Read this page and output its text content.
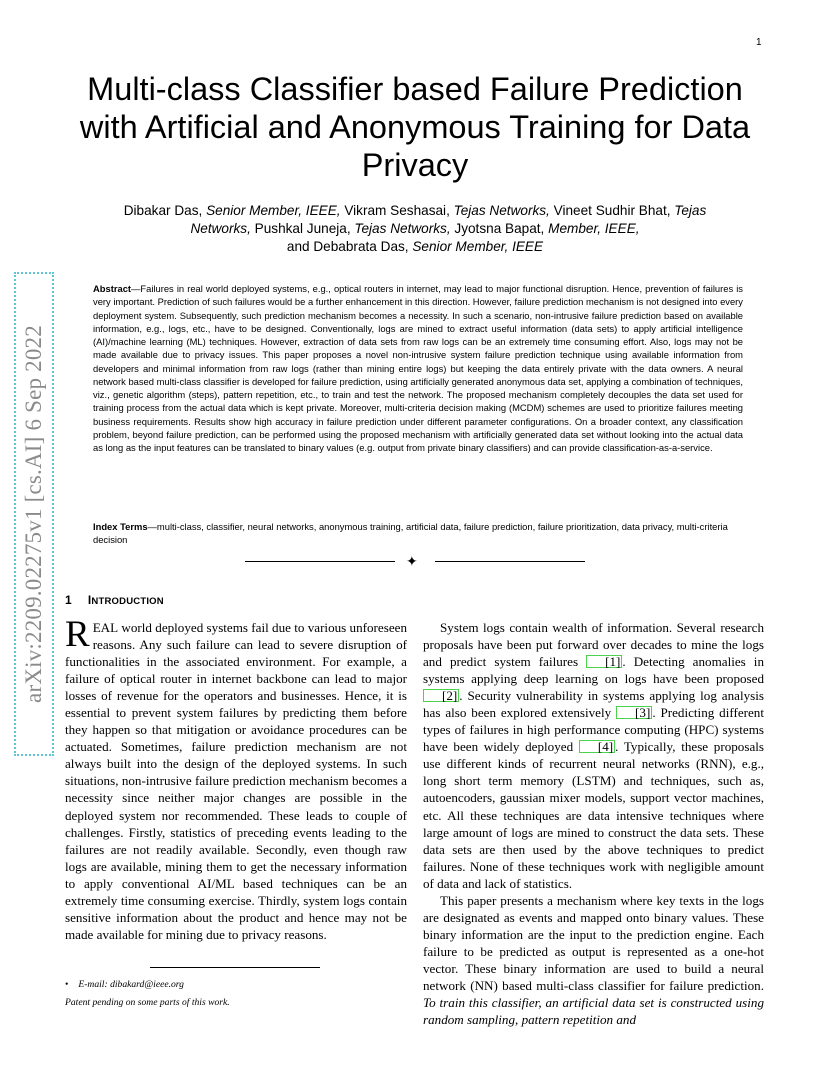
1
arXiv:2209.02275v1 [cs.AI] 6 Sep 2022
Multi-class Classifier based Failure Prediction with Artificial and Anonymous Training for Data Privacy
Dibakar Das, Senior Member, IEEE, Vikram Seshasai, Tejas Networks, Vineet Sudhir Bhat, Tejas Networks, Pushkal Juneja, Tejas Networks, Jyotsna Bapat, Member, IEEE,
and Debabrata Das, Senior Member, IEEE
Abstract—Failures in real world deployed systems, e.g., optical routers in internet, may lead to major functional disruption. Hence, prevention of failures is very important. Prediction of such failures would be a further enhancement in this direction. However, failure prediction mechanism is not designed into every deployment system. Subsequently, such prediction mechanism becomes a necessity. In such a scenario, non-intrusive failure prediction based on available information, e.g., logs, etc., have to be designed. Conventionally, logs are mined to extract useful information (data sets) to apply artificial intelligence (AI)/machine learning (ML) techniques. However, extraction of data sets from raw logs can be an extremely time consuming effort. Also, logs may not be made available due to privacy issues. This paper proposes a novel non-intrusive system failure prediction technique using available information from developers and minimal information from raw logs (rather than mining entire logs) but keeping the data entirely private with the data owners. A neural network based multi-class classifier is developed for failure prediction, using artificially generated anonymous data set, applying a combination of techniques, viz., genetic algorithm (steps), pattern repetition, etc., to train and test the network. The proposed mechanism completely decouples the data set used for training process from the actual data which is kept private. Moreover, multi-criteria decision making (MCDM) schemes are used to prioritize failures meeting business requirements. Results show high accuracy in failure prediction under different parameter configurations. On a broader context, any classification problem, beyond failure prediction, can be performed using the proposed mechanism with artificially generated data set without looking into the actual data as long as the input features can be translated to binary values (e.g. output from private binary classifiers) and can provide classification-as-a-service.
Index Terms—multi-class, classifier, neural networks, anonymous training, artificial data, failure prediction, failure prioritization, data privacy, multi-criteria decision
✦
1 INTRODUCTION

REAL world deployed systems fail due to various unforeseen reasons. Any such failure can lead to severe disruption of functionalities in the associated environment. For example, a failure of optical router in internet backbone can lead to major losses of revenue for the operators and businesses. Hence, it is essential to prevent system failures by predicting them before they happen so that mitigation or avoidance procedures can be actuated. Sometimes, failure prediction mechanism are not always built into the design of the deployed systems. In such situations, non-intrusive failure prediction mechanism becomes a necessity since neither major changes are possible in the deployed system nor recommended. These leads to couple of challenges. Firstly, statistics of preceding events leading to the failures are not readily available. Secondly, even though raw logs are available, mining them to get the necessary information to apply conventional AI/ML based techniques can be an extremely time consuming exercise. Thirdly, system logs contain sensitive information about the product and hence may not be made available for mining due to privacy reasons.

System logs contain wealth of information. Several research proposals have been put forward over decades to mine the logs and predict system failures [1] . Detecting anomalies in systems applying deep learning on logs have been proposed [2] . Security vulnerability in systems applying log analysis has also been explored extensively [3] . Predicting different types of failures in high performance computing (HPC) systems have been widely deployed [4] . Typically, these proposals use different kinds of recurrent neural networks (RNN), e.g., long short term memory (LSTM) and techniques, such as, autoencoders, gaussian mixer models, support vector machines, etc. All these techniques are data intensive techniques where large amount of logs are mined to construct the data sets. These data sets are then used by the above techniques to predict failures. None of these techniques work with negligible amount of data and lack of statistics.

This paper presents a mechanism where key texts in the logs are designated as events and mapped onto binary values. These binary information are the input to the prediction engine. Each failure to be predicted as output is represented as a one-hot vector. These binary information are used to build a neural network (NN) based multi-class classifier for failure prediction. To train this classifier, an artificial data set is constructed using random sampling, pattern repetition and

• E-mail: dibakard@ieee.org
Patent pending on some parts of this work.
